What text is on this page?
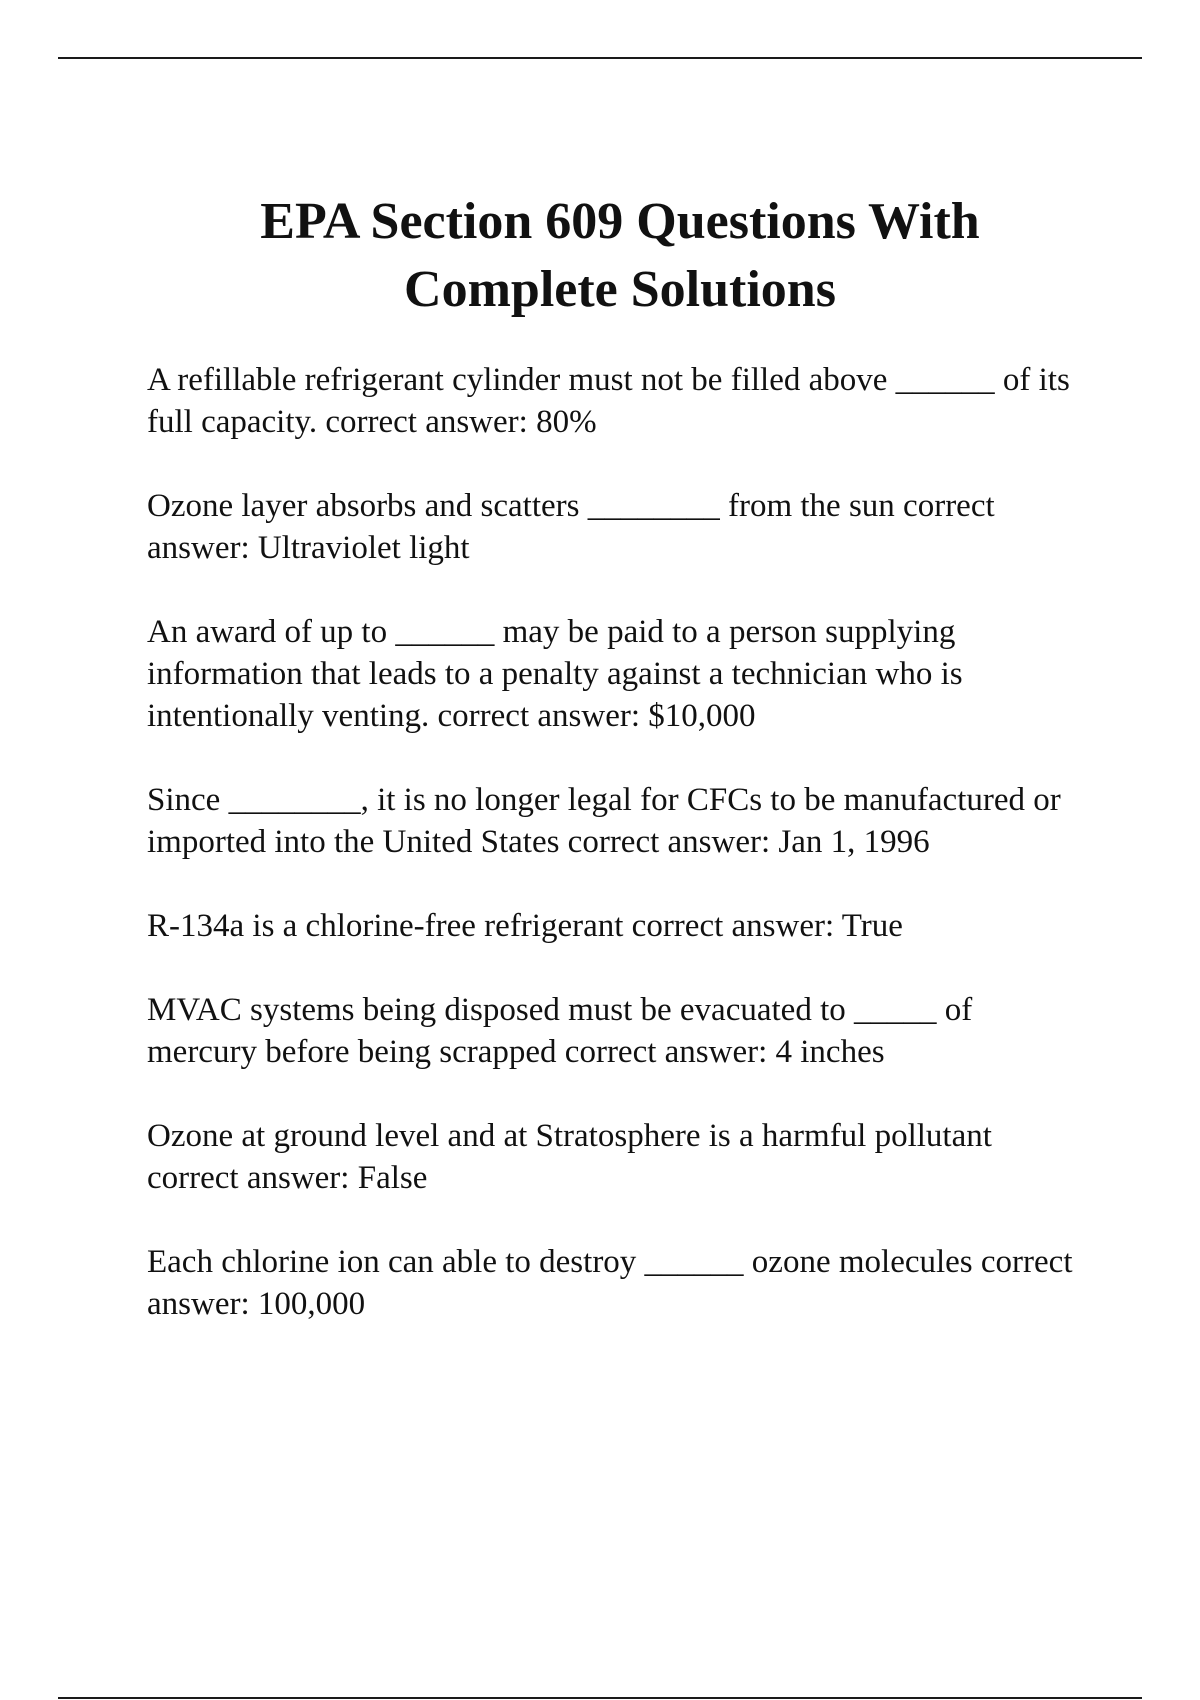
EPA Section 609 Questions With
Complete Solutions
A refillable refrigerant cylinder must not be filled above ______ of its full capacity. correct answer: 80%
Ozone layer absorbs and scatters ________ from the sun correct answer: Ultraviolet light
An award of up to ______ may be paid to a person supplying information that leads to a penalty against a technician who is intentionally venting. correct answer: $10,000
Since ________, it is no longer legal for CFCs to be manufactured or imported into the United States correct answer: Jan 1, 1996
R-134a is a chlorine-free refrigerant correct answer: True
MVAC systems being disposed must be evacuated to _____ of mercury before being scrapped correct answer: 4 inches
Ozone at ground level and at Stratosphere is a harmful pollutant correct answer: False
Each chlorine ion can able to destroy ______ ozone molecules correct answer: 100,000
